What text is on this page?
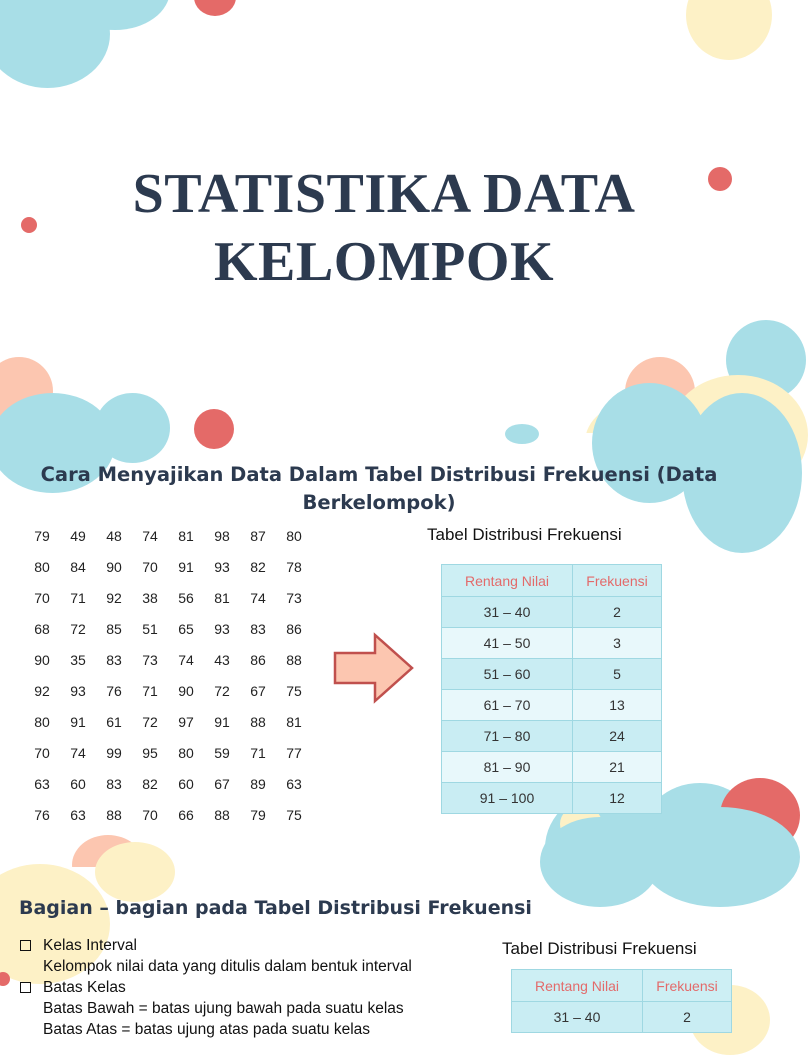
STATISTIKA DATA KELOMPOK
Cara Menyajikan Data Dalam Tabel Distribusi Frekuensi (Data Berkelompok)
79	49	48	74	81	98	87	80
80	84	90	70	91	93	82	78
70	71	92	38	56	81	74	73
68	72	85	51	65	93	83	86
90	35	83	73	74	43	86	88
92	93	76	71	90	72	67	75
80	91	61	72	97	91	88	81
70	74	99	95	80	59	71	77
63	60	83	82	60	67	89	63
76	63	88	70	66	88	79	75
Tabel Distribusi Frekuensi
Rentang Nilai	Frekuensi
31 – 40	2
41 – 50	3
51 – 60	5
61 – 70	13
71 – 80	24
81 – 90	21
91 – 100	12
Bagian – bagian pada Tabel Distribusi Frekuensi
Kelas Interval
Kelompok nilai data yang ditulis dalam bentuk interval
Batas Kelas
Batas Bawah = batas ujung bawah pada suatu kelas
Batas Atas = batas ujung atas pada suatu kelas
Tabel Distribusi Frekuensi
Rentang Nilai	Frekuensi
31 – 40	2
